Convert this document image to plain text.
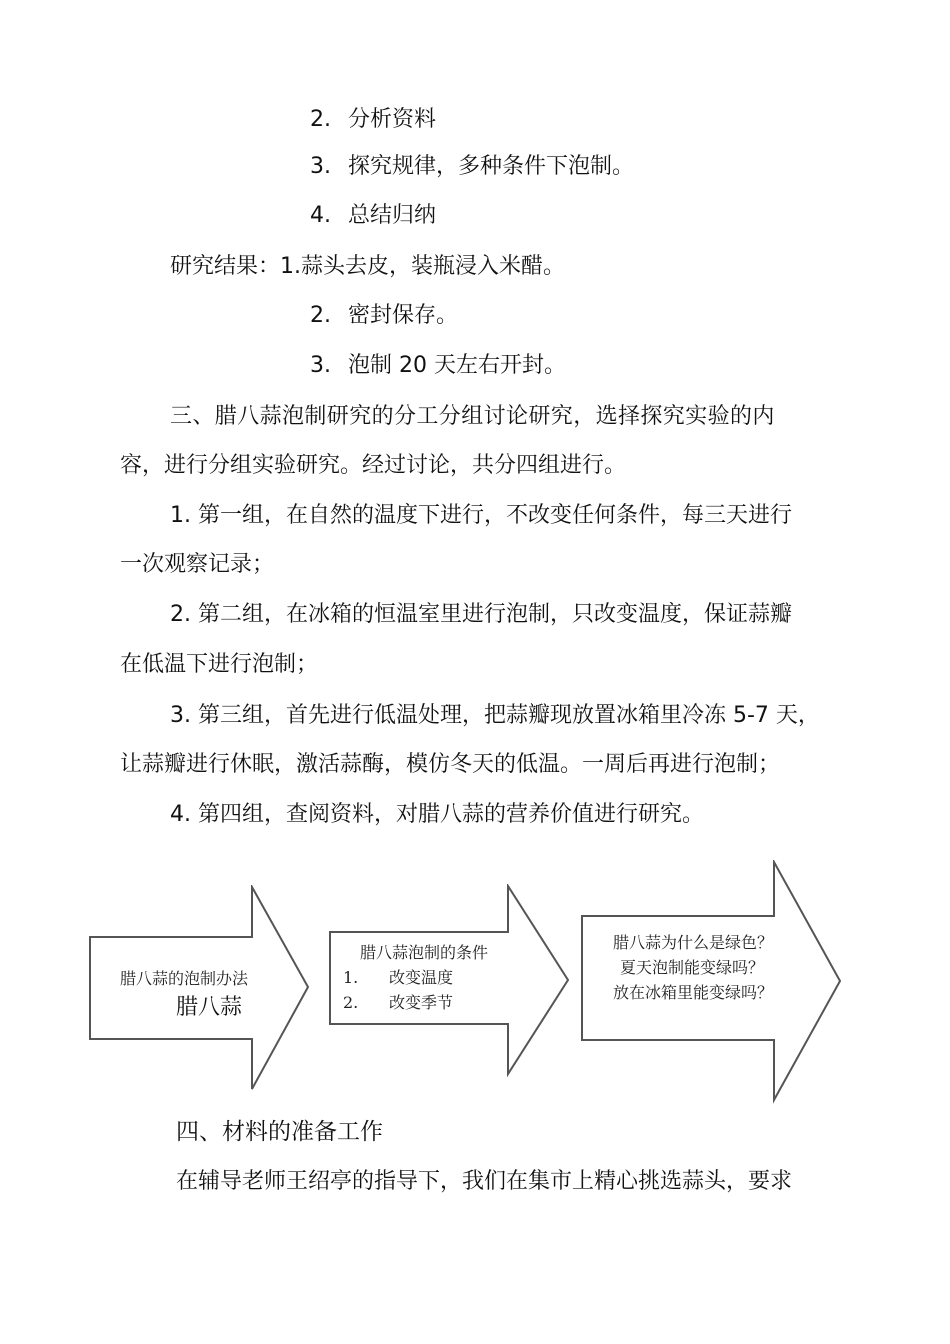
2. 分析资料
3. 探究规律，多种条件下泡制。
4. 总结归纳
研究结果：1.蒜头去皮，装瓶浸入米醋。
2. 密封保存。
3. 泡制 20 天左右开封。
三、腊八蒜泡制研究的分工分组讨论研究，选择探究实验的内
容，进行分组实验研究。经过讨论，共分四组进行。
1. 第一组，在自然的温度下进行，不改变任何条件，每三天进行
一次观察记录；
2. 第二组，在冰箱的恒温室里进行泡制，只改变温度，保证蒜瓣
在低温下进行泡制；
3. 第三组，首先进行低温处理，把蒜瓣现放置冰箱里冷冻 5-7 天，
让蒜瓣进行休眠，激活蒜酶，模仿冬天的低温。一周后再进行泡制；
4. 第四组，查阅资料，对腊八蒜的营养价值进行研究。
腊八蒜的泡制办法
腊八蒜
腊八蒜泡制的条件
1. 改变温度
2. 改变季节
腊八蒜为什么是绿色？
夏天泡制能变绿吗？
放在冰箱里能变绿吗？
四、材料的准备工作
在辅导老师王绍亭的指导下，我们在集市上精心挑选蒜头，要求
